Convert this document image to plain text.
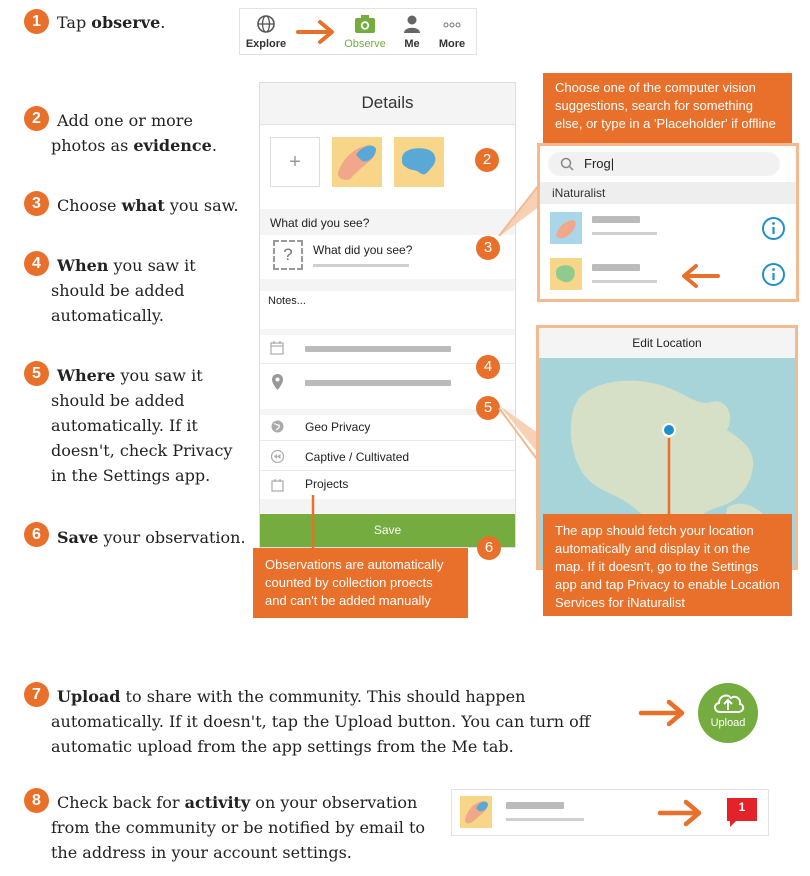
1	Tap observe.
2	Add one or more photos as evidence.
3	Choose what you saw.
4	When you saw it should be added automatically.
5	Where you saw it should be added automatically. If it doesn't, check Privacy in the Settings app.
6	Save your observation.
Explore	Observe	Me	More
Details
+
What did you see?
?	What did you see?
Notes...
Geo Privacy
Captive / Cultivated
Projects
Save
2
3
4
5
6
Choose one of the computer vision suggestions, search for something else, or type in a 'Placeholder' if offline
Frog|
iNaturalist
Edit Location
The app should fetch your location automatically and display it on the map. If it doesn't, go to the Settings app and tap Privacy to enable Location Services for iNaturalist
Observations are automatically counted by collection proects and can't be added manually
7	Upload to share with the community. This should happen automatically. If it doesn't, tap the Upload button. You can turn off automatic upload from the app settings from the Me tab.
Upload
8	Check back for activity on your observation from the community or be notified by email to the address in your account settings.
1
